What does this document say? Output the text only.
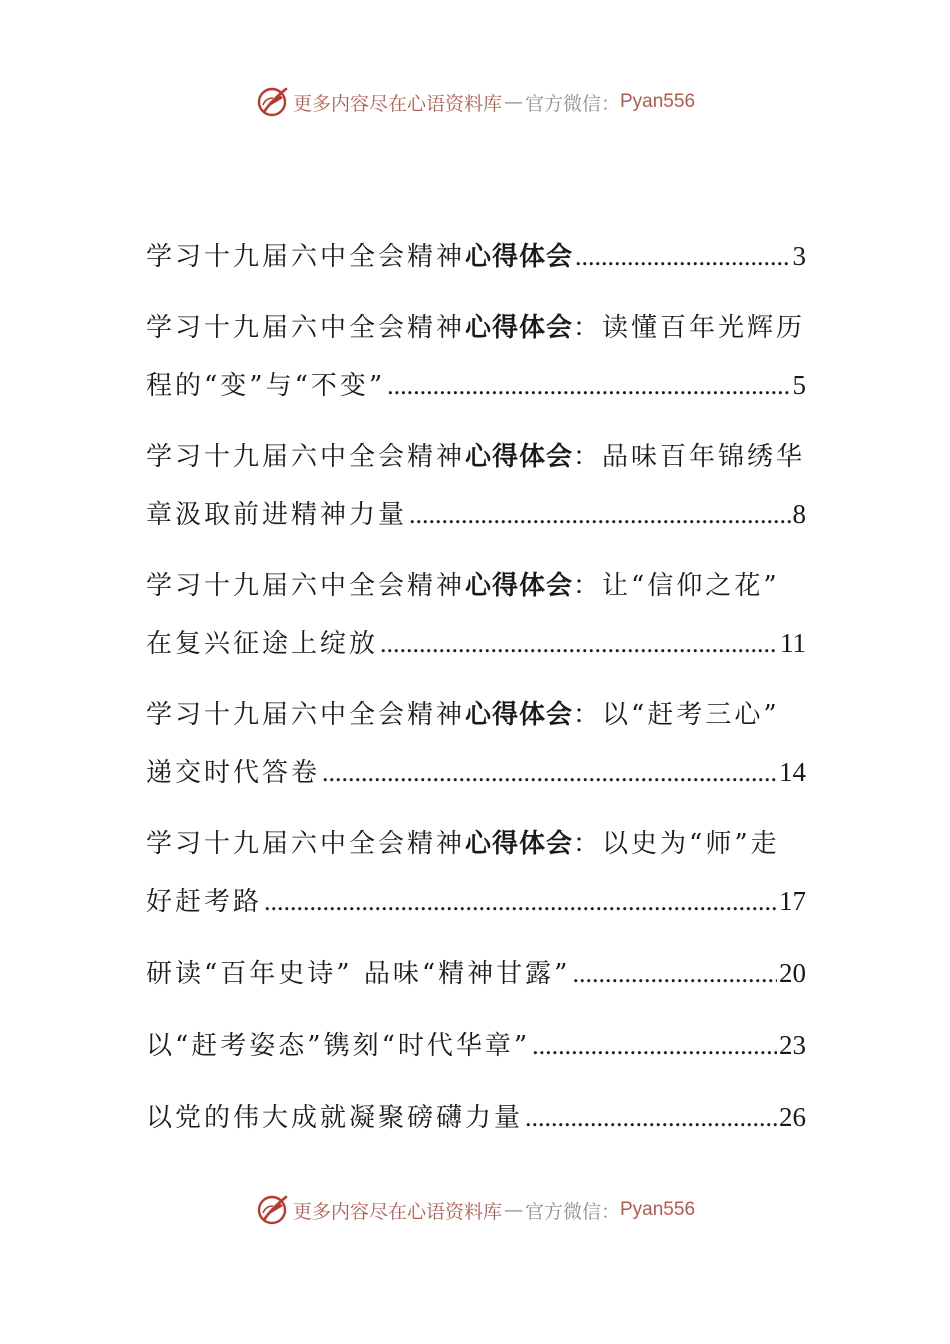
更多内容尽在心语资料库 — 官方微信： Pyan556
学习十九届六中全会精神 心得体会 .....	3
学习十九届六中全会精神 心得体会 ：读懂百年光辉历
程的“变”与“不变” .....	5
学习十九届六中全会精神 心得体会 ：品味百年锦绣华
章汲取前进精神力量 .....	8
学习十九届六中全会精神 心得体会 ：让“信仰之花”
在复兴征途上绽放 .....	11
学习十九届六中全会精神 心得体会 ：以“赶考三心”
递交时代答卷 .....	14
学习十九届六中全会精神 心得体会 ：以史为“师”走
好赶考路 .....	17
研读“百年史诗” 品味“精神甘露” .....	20
以“赶考姿态”镌刻“时代华章” .....	23
以党的伟大成就凝聚磅礴力量 .....	26
更多内容尽在心语资料库 — 官方微信： Pyan556
